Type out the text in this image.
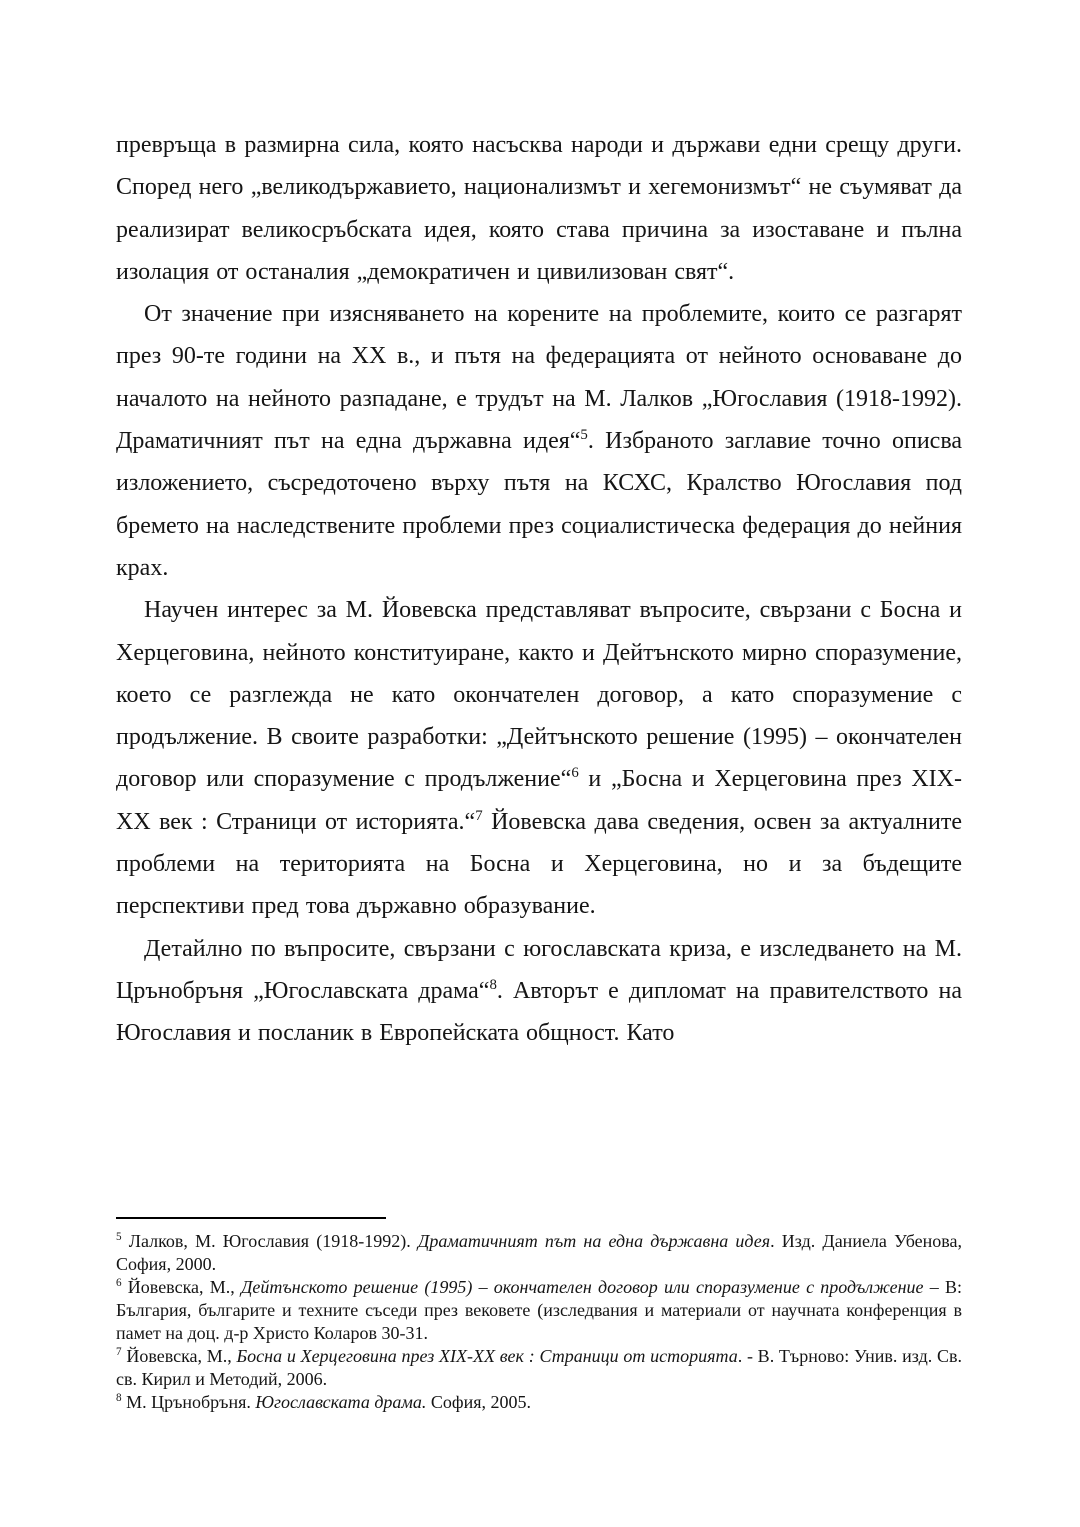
превръща в размирна сила, която насъсква народи и държави едни срещу други. Според него „великодържавието, национализмът и хегемонизмът“ не съумяват да реализират великосръбската идея, която става причина за изоставане и пълна изолация от останалия „демократичен и цивилизован свят“.

От значение при изясняването на корените на проблемите, които се разгарят през 90-те години на ХХ в., и пътя на федерацията от нейното основаване до началото на нейното разпадане, е трудът на М. Лалков „Югославия (1918-1992). Драматичният път на една държавна идея“$^5$. Избраното заглавие точно описва изложението, съсредоточено върху пътя на КСХС, Кралство Югославия под бремето на наследствените проблеми през социалистическа федерация до нейния крах.

Научен интерес за М. Йовевска представляват въпросите, свързани с Босна и Херцеговина, нейното конституиране, както и Дейтънското мирно споразумение, което се разглежда не като окончателен договор, а като споразумение с продължение. В своите разработки: „Дейтънското решение (1995) – окончателен договор или споразумение с продължение“$^6$ и „Босна и Херцеговина през XIX-XX век : Страници от историята.“$^7$ Йовевска дава сведения, освен за актуалните проблеми на територията на Босна и Херцеговина, но и за бъдещите перспективи пред това държавно образувание.

Детайлно по въпросите, свързани с югославската криза, е изследването на М. Црънобръня „Югославската драма“$^8$. Авторът е дипломат на правителството на Югославия и посланик в Европейската общност. Като

$^5$ Лалков, М. Югославия (1918-1992). Драматичният път на една държавна идея. Изд. Даниела Убенова, София, 2000.

$^6$ Йовевска, М., Дейтънското решение (1995) – окончателен договор или споразумение с продължение – В: България, българите и техните съседи през вековете (изследвания и материали от научната конференция в памет на доц. д-р Христо Коларов 30-31.

$^7$ Йовевска, М., Босна и Херцеговина през XIX-XX век : Страници от историята. - В. Търново: Унив. изд. Св. св. Кирил и Методий, 2006.

$^8$ М. Црънобръня. Югославската драма. София, 2005.
